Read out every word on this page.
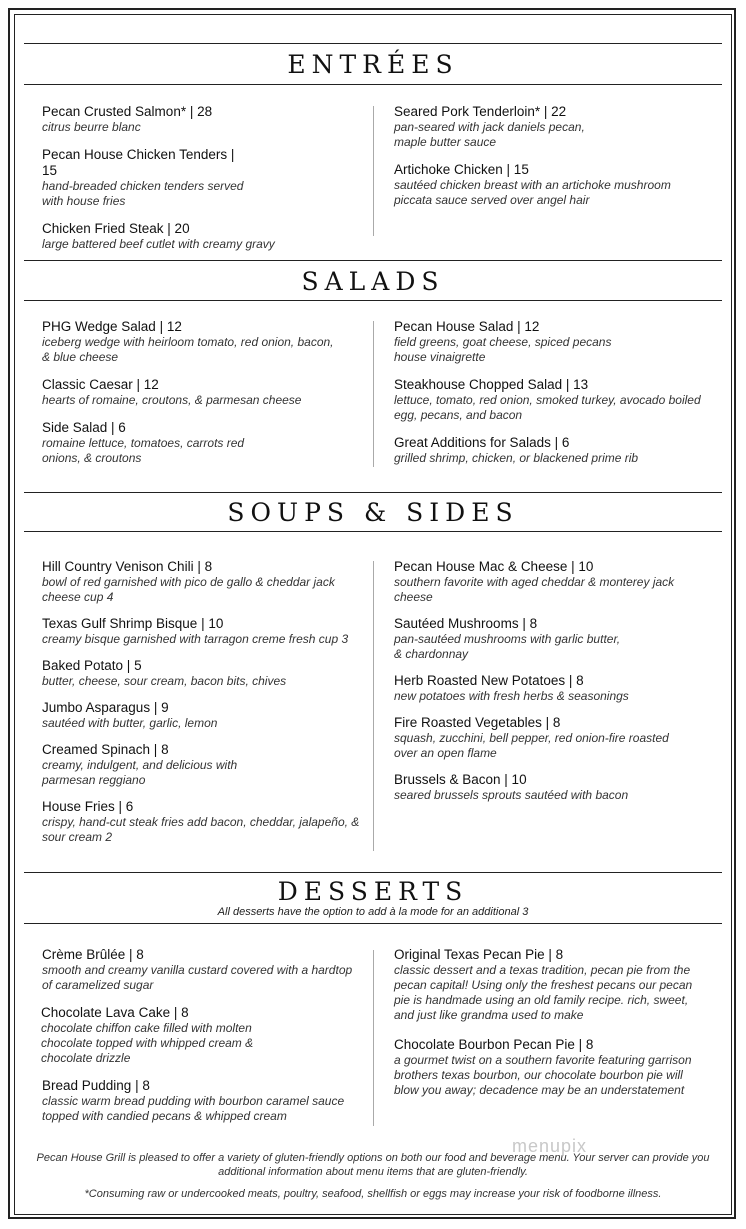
ENTRÉES
Pecan Crusted Salmon* | 28
citrus beurre blanc
Pecan House Chicken Tenders | 15
hand-breaded chicken tenders served with house fries
Chicken Fried Steak | 20
large battered beef cutlet with creamy gravy
Seared Pork Tenderloin* | 22
pan-seared with jack daniels pecan, maple butter sauce
Artichoke Chicken | 15
sautéed chicken breast with an artichoke mushroom piccata sauce served over angel hair
SALADS
PHG Wedge Salad | 12
iceberg wedge with heirloom tomato, red onion, bacon, & blue cheese
Classic Caesar | 12
hearts of romaine, croutons, & parmesan cheese
Side Salad | 6
romaine lettuce, tomatoes, carrots red onions, & croutons
Pecan House Salad | 12
field greens, goat cheese, spiced pecans house vinaigrette
Steakhouse Chopped Salad | 13
lettuce, tomato, red onion, smoked turkey, avocado boiled egg, pecans, and bacon
Great Additions for Salads | 6
grilled shrimp, chicken, or blackened prime rib
SOUPS & SIDES
Hill Country Venison Chili | 8
bowl of red garnished with pico de gallo & cheddar jack cheese cup 4
Texas Gulf Shrimp Bisque | 10
creamy bisque garnished with tarragon creme fresh cup 3
Baked Potato | 5
butter, cheese, sour cream, bacon bits, chives
Jumbo Asparagus | 9
sautéed with butter, garlic, lemon
Creamed Spinach | 8
creamy, indulgent, and delicious with parmesan reggiano
House Fries | 6
crispy, hand-cut steak fries add bacon, cheddar, jalapeño, & sour cream 2
Pecan House Mac & Cheese | 10
southern favorite with aged cheddar & monterey jack cheese
Sautéed Mushrooms | 8
pan-sautéed mushrooms with garlic butter, & chardonnay
Herb Roasted New Potatoes | 8
new potatoes with fresh herbs & seasonings
Fire Roasted Vegetables | 8
squash, zucchini, bell pepper, red onion-fire roasted over an open flame
Brussels & Bacon | 10
seared brussels sprouts sautéed with bacon
DESSERTS
All desserts have the option to add à la mode for an additional 3
Crème Brûlée | 8
smooth and creamy vanilla custard covered with a hardtop of caramelized sugar
Chocolate Lava Cake | 8
chocolate chiffon cake filled with molten chocolate topped with whipped cream & chocolate drizzle
Bread Pudding | 8
classic warm bread pudding with bourbon caramel sauce topped with candied pecans & whipped cream
Original Texas Pecan Pie | 8
classic dessert and a texas tradition, pecan pie from the pecan capital! Using only the freshest pecans our pecan pie is handmade using an old family recipe. rich, sweet, and just like grandma used to make
Chocolate Bourbon Pecan Pie | 8
a gourmet twist on a southern favorite featuring garrison brothers texas bourbon, our chocolate bourbon pie will blow you away; decadence may be an understatement
Pecan House Grill is pleased to offer a variety of gluten-friendly options on both our food and beverage menu. Your server can provide you additional information about menu items that are gluten-friendly.
*Consuming raw or undercooked meats, poultry, seafood, shellfish or eggs may increase your risk of foodborne illness.
menupix
